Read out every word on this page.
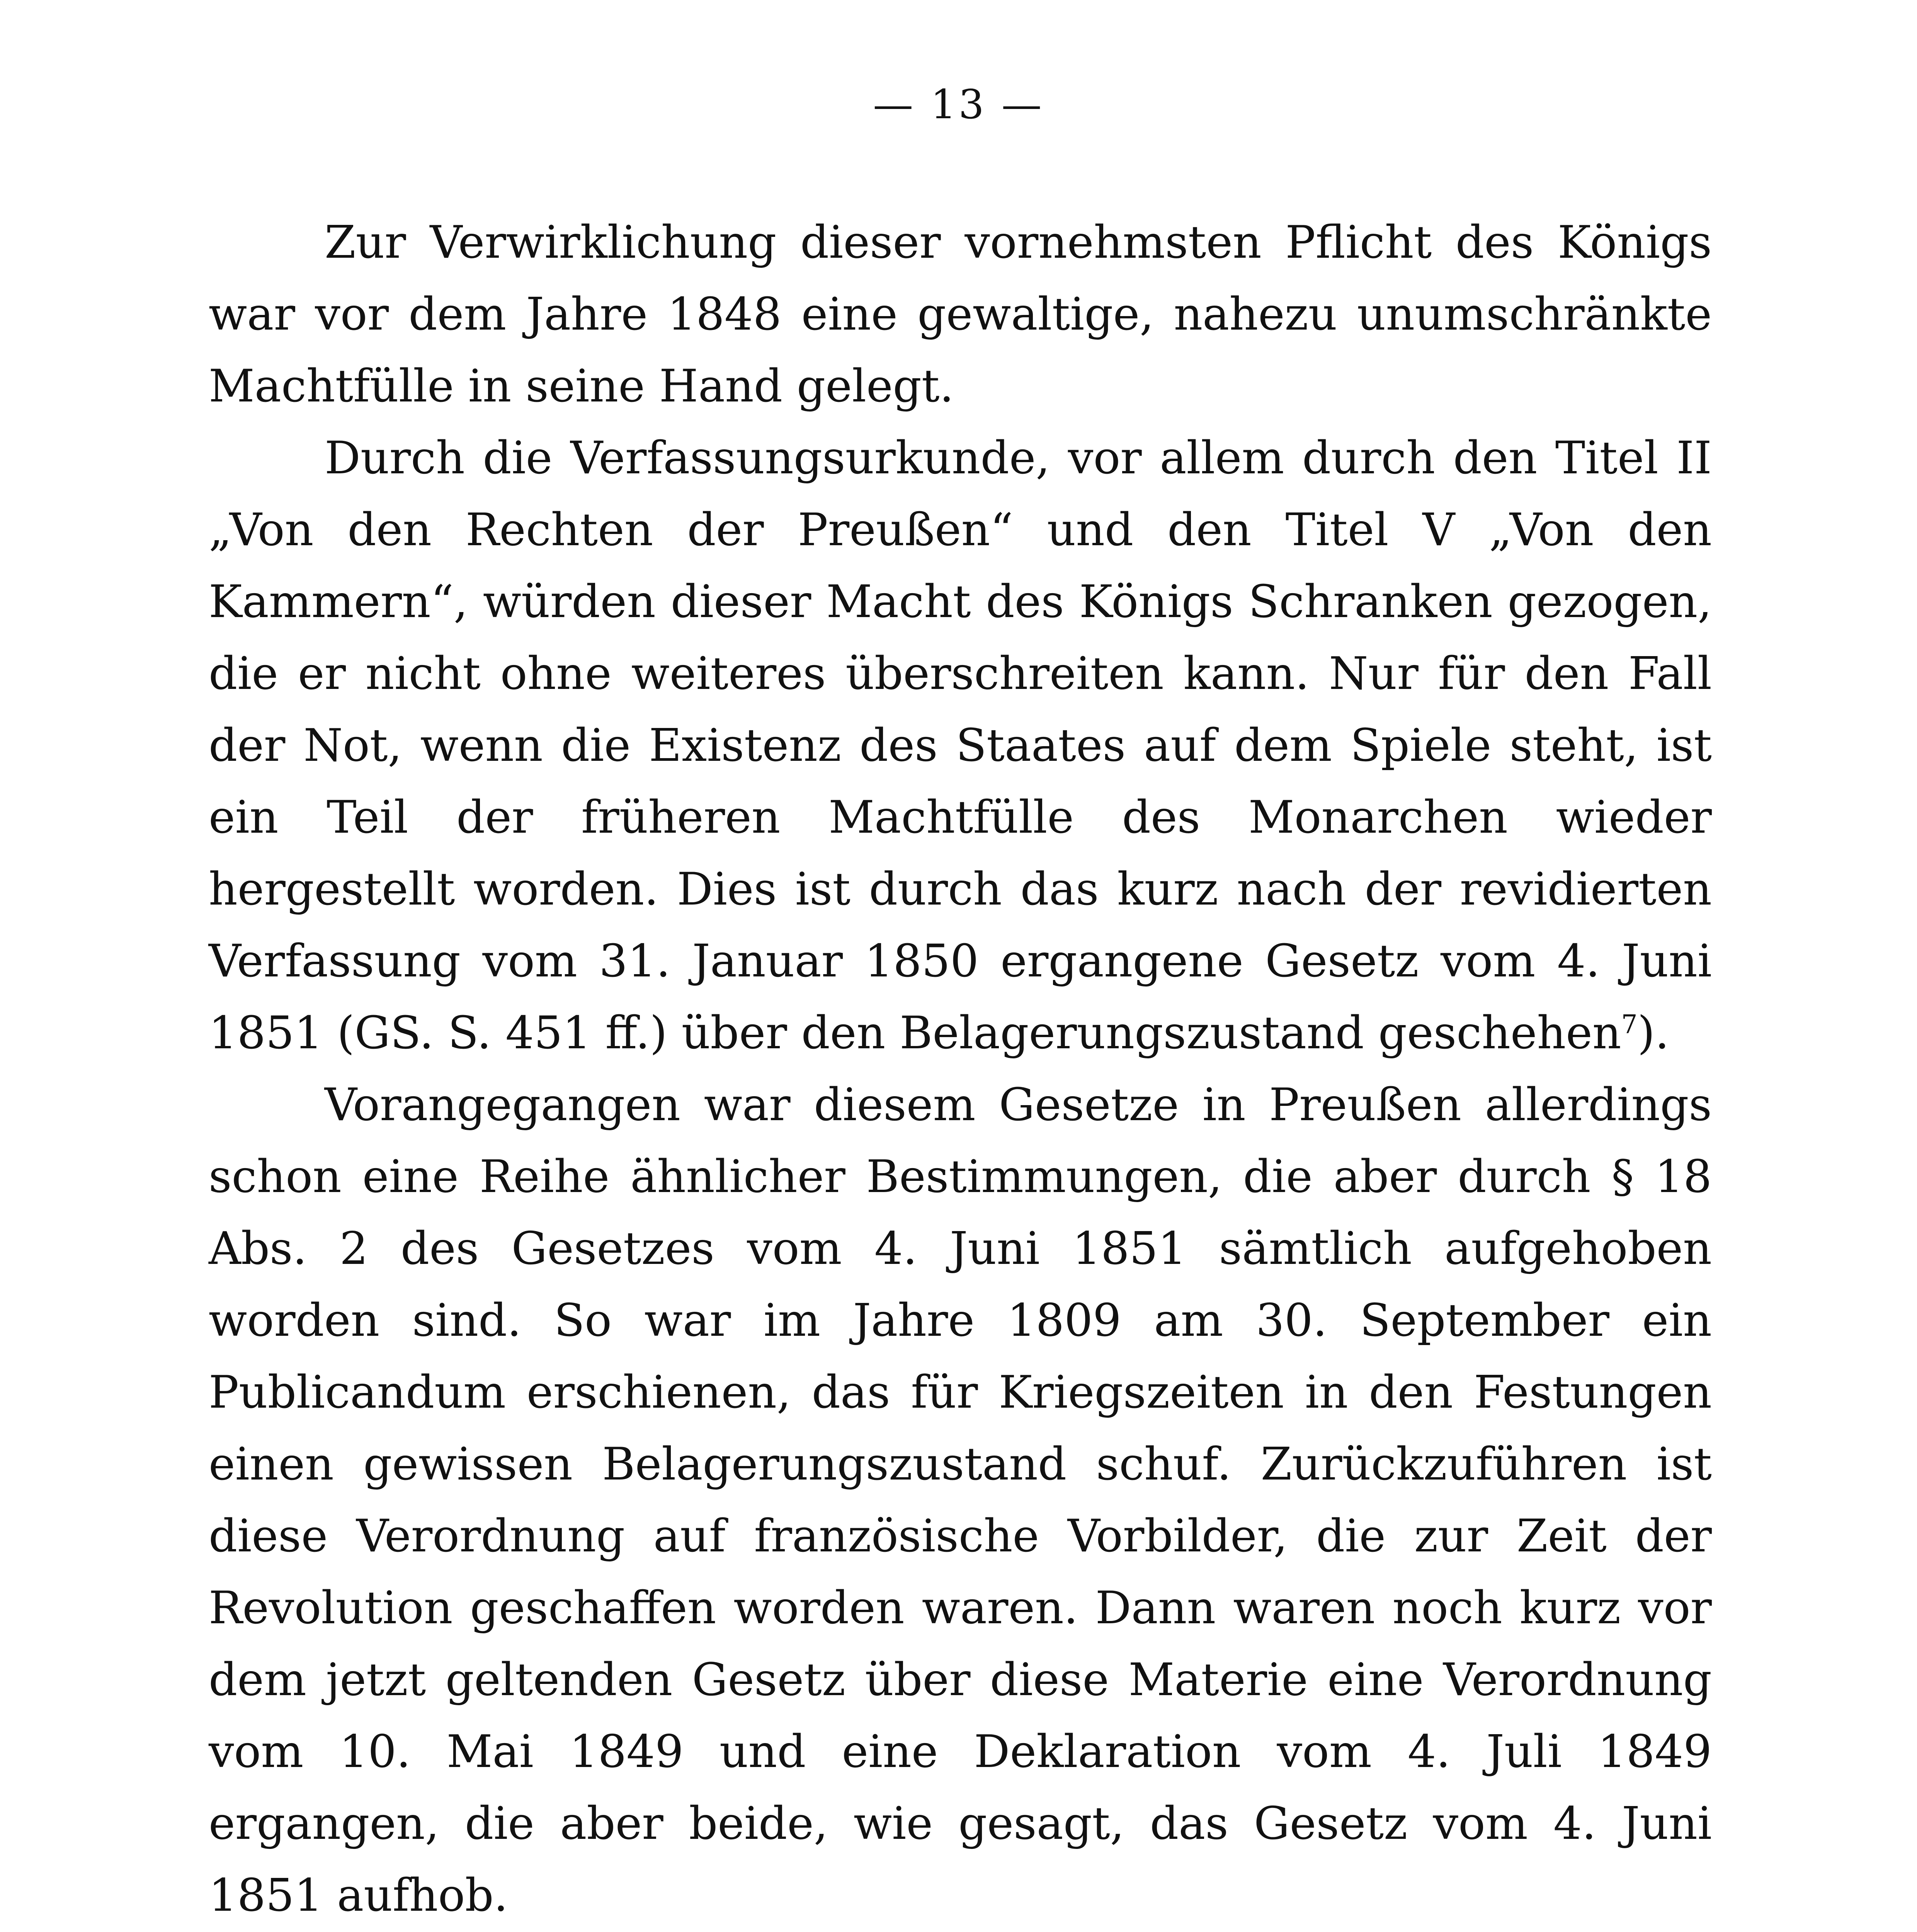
— 13 —

Zur Verwirklichung dieser vornehmsten Pflicht des Königs war vor dem Jahre 1848 eine gewaltige, nahezu unumschränkte Machtfülle in seine Hand gelegt.

Durch die Verfassungsurkunde, vor allem durch den Titel II „Von den Rechten der Preußen“ und den Titel V „Von den Kammern“, würden dieser Macht des Königs Schranken gezogen, die er nicht ohne weiteres überschreiten kann. Nur für den Fall der Not, wenn die Existenz des Staates auf dem Spiele steht, ist ein Teil der früheren Machtfülle des Monarchen wieder hergestellt worden. Dies ist durch das kurz nach der revidierten Verfassung vom 31. Januar 1850 ergangene Gesetz vom 4. Juni 1851 (GS. S. 451 ff.) über den Belagerungszustand geschehen$^7$).

Vorangegangen war diesem Gesetze in Preußen allerdings schon eine Reihe ähnlicher Bestimmungen, die aber durch § 18 Abs. 2 des Gesetzes vom 4. Juni 1851 sämtlich aufgehoben worden sind. So war im Jahre 1809 am 30. September ein Publicandum erschienen, das für Kriegszeiten in den Festungen einen gewissen Belagerungszustand schuf. Zurückzuführen ist diese Verordnung auf französische Vorbilder, die zur Zeit der Revolution geschaffen worden waren. Dann waren noch kurz vor dem jetzt geltenden Gesetz über diese Materie eine Verordnung vom 10. Mai 1849 und eine Deklaration vom 4. Juli 1849 ergangen, die aber beide, wie gesagt, das Gesetz vom 4. Juni 1851 aufhob.
